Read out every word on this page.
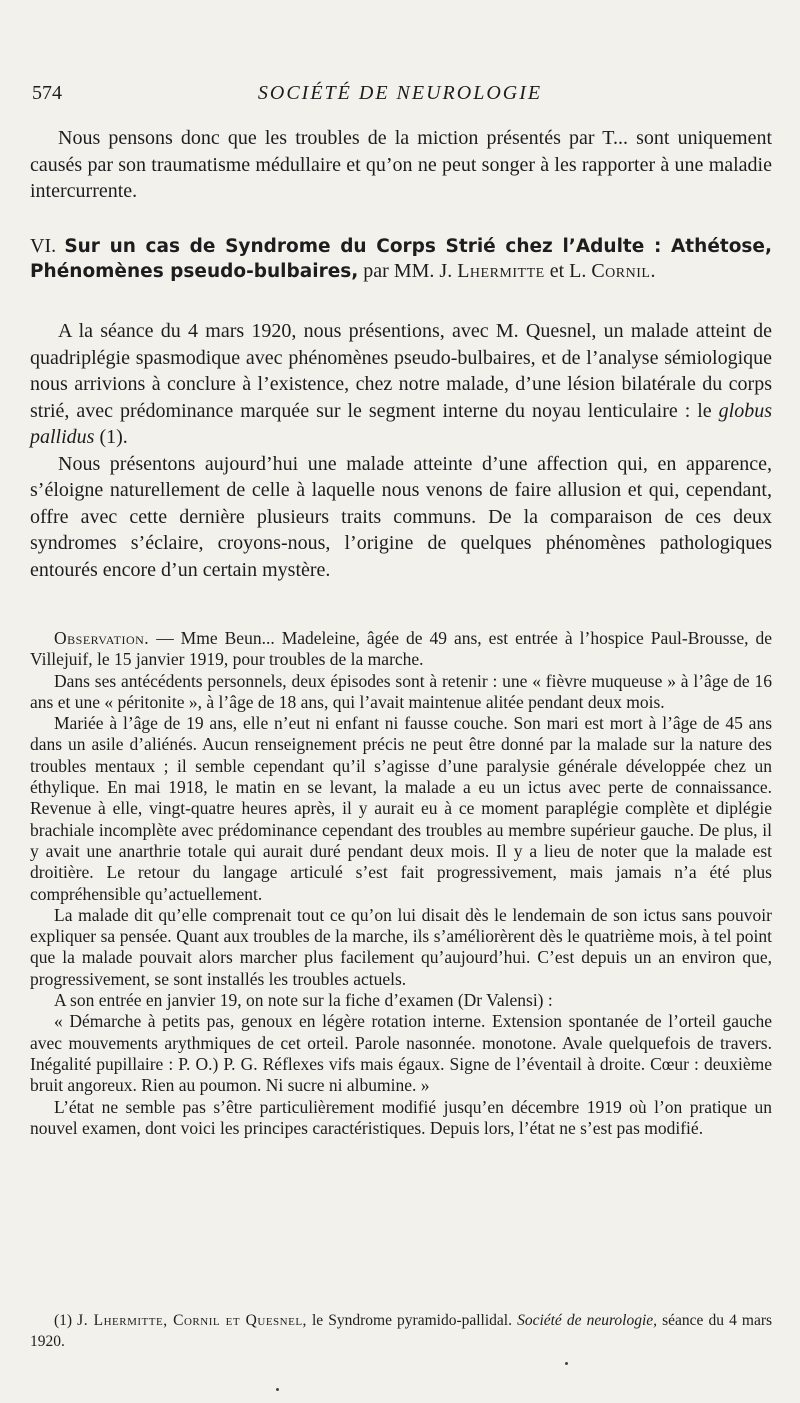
574	SOCIÉTÉ DE NEUROLOGIE

Nous pensons donc que les troubles de la miction présentés par T... sont uniquement causés par son traumatisme médullaire et qu’on ne peut songer à les rapporter à une maladie intercurrente.

VI. Sur un cas de Syndrome du Corps Strié chez l’Adulte : Athétose, Phénomènes pseudo-bulbaires, par MM. J. Lhermitte et L. Cornil.

A la séance du 4 mars 1920, nous présentions, avec M. Quesnel, un malade atteint de quadriplégie spasmodique avec phénomènes pseudo-bulbaires, et de l’analyse sémiologique nous arrivions à conclure à l’existence, chez notre malade, d’une lésion bilatérale du corps strié, avec prédominance marquée sur le segment interne du noyau lenticulaire : le globus pallidus (1).

Nous présentons aujourd’hui une malade atteinte d’une affection qui, en apparence, s’éloigne naturellement de celle à laquelle nous venons de faire allusion et qui, cependant, offre avec cette dernière plusieurs traits communs. De la comparaison de ces deux syndromes s’éclaire, croyons-nous, l’origine de quelques phénomènes pathologiques entourés encore d’un certain mystère.

Observation. — Mme Beun... Madeleine, âgée de 49 ans, est entrée à l’hospice Paul-Brousse, de Villejuif, le 15 janvier 1919, pour troubles de la marche.

Dans ses antécédents personnels, deux épisodes sont à retenir : une « fièvre muqueuse » à l’âge de 16 ans et une « péritonite », à l’âge de 18 ans, qui l’avait maintenue alitée pendant deux mois.

Mariée à l’âge de 19 ans, elle n’eut ni enfant ni fausse couche. Son mari est mort à l’âge de 45 ans dans un asile d’aliénés. Aucun renseignement précis ne peut être donné par la malade sur la nature des troubles mentaux ; il semble cependant qu’il s’agisse d’une paralysie générale développée chez un éthylique. En mai 1918, le matin en se levant, la malade a eu un ictus avec perte de connaissance. Revenue à elle, vingt-quatre heures après, il y aurait eu à ce moment paraplégie complète et diplégie brachiale incomplète avec prédominance cependant des troubles au membre supérieur gauche. De plus, il y avait une anarthrie totale qui aurait duré pendant deux mois. Il y a lieu de noter que la malade est droitière. Le retour du langage articulé s’est fait progressivement, mais jamais n’a été plus compréhensible qu’actuellement.

La malade dit qu’elle comprenait tout ce qu’on lui disait dès le lendemain de son ictus sans pouvoir expliquer sa pensée. Quant aux troubles de la marche, ils s’améliorèrent dès le quatrième mois, à tel point que la malade pouvait alors marcher plus facilement qu’aujourd’hui. C’est depuis un an environ que, progressivement, se sont installés les troubles actuels.

A son entrée en janvier 19, on note sur la fiche d’examen (Dr Valensi) :

« Démarche à petits pas, genoux en légère rotation interne. Extension spontanée de l’orteil gauche avec mouvements arythmiques de cet orteil. Parole nasonnée. monotone. Avale quelquefois de travers. Inégalité pupillaire : P. O.) P. G. Réflexes vifs mais égaux. Signe de l’éventail à droite. Cœur : deuxième bruit angoreux. Rien au poumon. Ni sucre ni albumine. »

L’état ne semble pas s’être particulièrement modifié jusqu’en décembre 1919 où l’on pratique un nouvel examen, dont voici les principes caractéristiques. Depuis lors, l’état ne s’est pas modifié.

(1) J. Lhermitte, Cornil et Quesnel, le Syndrome pyramido-pallidal. Société de neurologie, séance du 4 mars 1920.
